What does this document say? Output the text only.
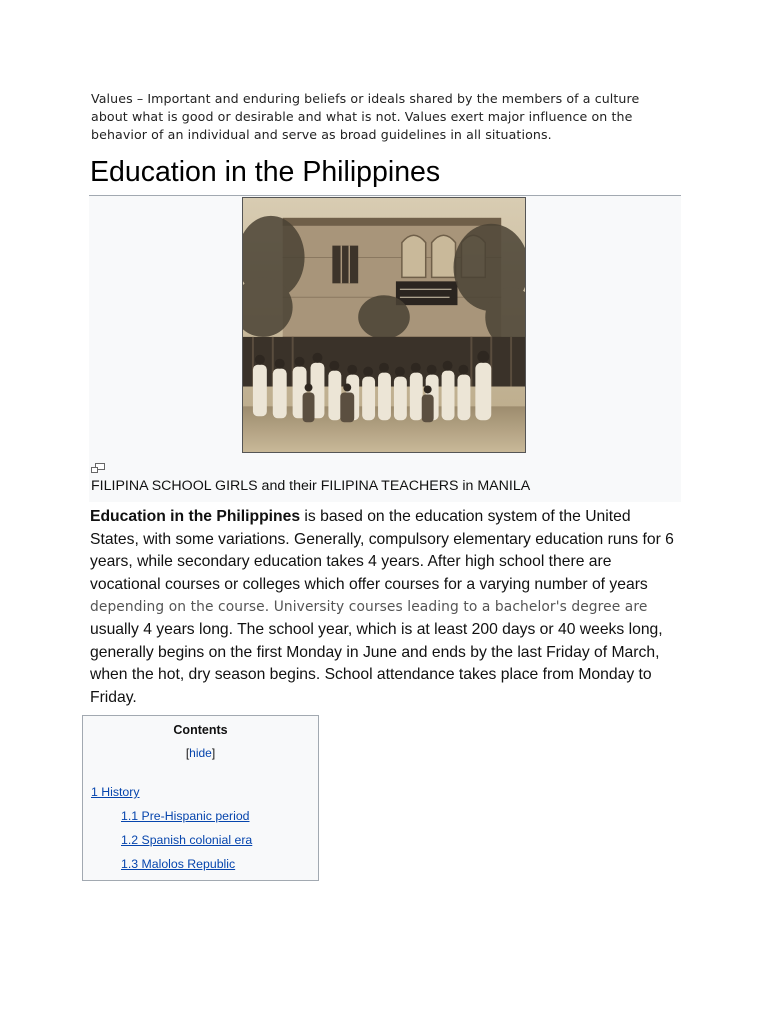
Values – Important and enduring beliefs or ideals shared by the members of a culture about what is good or desirable and what is not. Values exert major influence on the behavior of an individual and serve as broad guidelines in all situations.
Education in the Philippines
FILIPINA SCHOOL GIRLS and their FILIPINA TEACHERS in MANILA
Education in the Philippines is based on the education system of the United States, with some variations. Generally, compulsory elementary education runs for 6 years, while secondary education takes 4 years. After high school there are vocational courses or colleges which offer courses for a varying number of years depending on the course. University courses leading to a bachelor's degree are usually 4 years long. The school year, which is at least 200 days or 40 weeks long, generally begins on the first Monday in June and ends by the last Friday of March, when the hot, dry season begins. School attendance takes place from Monday to Friday.
Contents
[hide]
1 History
1.1 Pre-Hispanic period
1.2 Spanish colonial era
1.3 Malolos Republic
